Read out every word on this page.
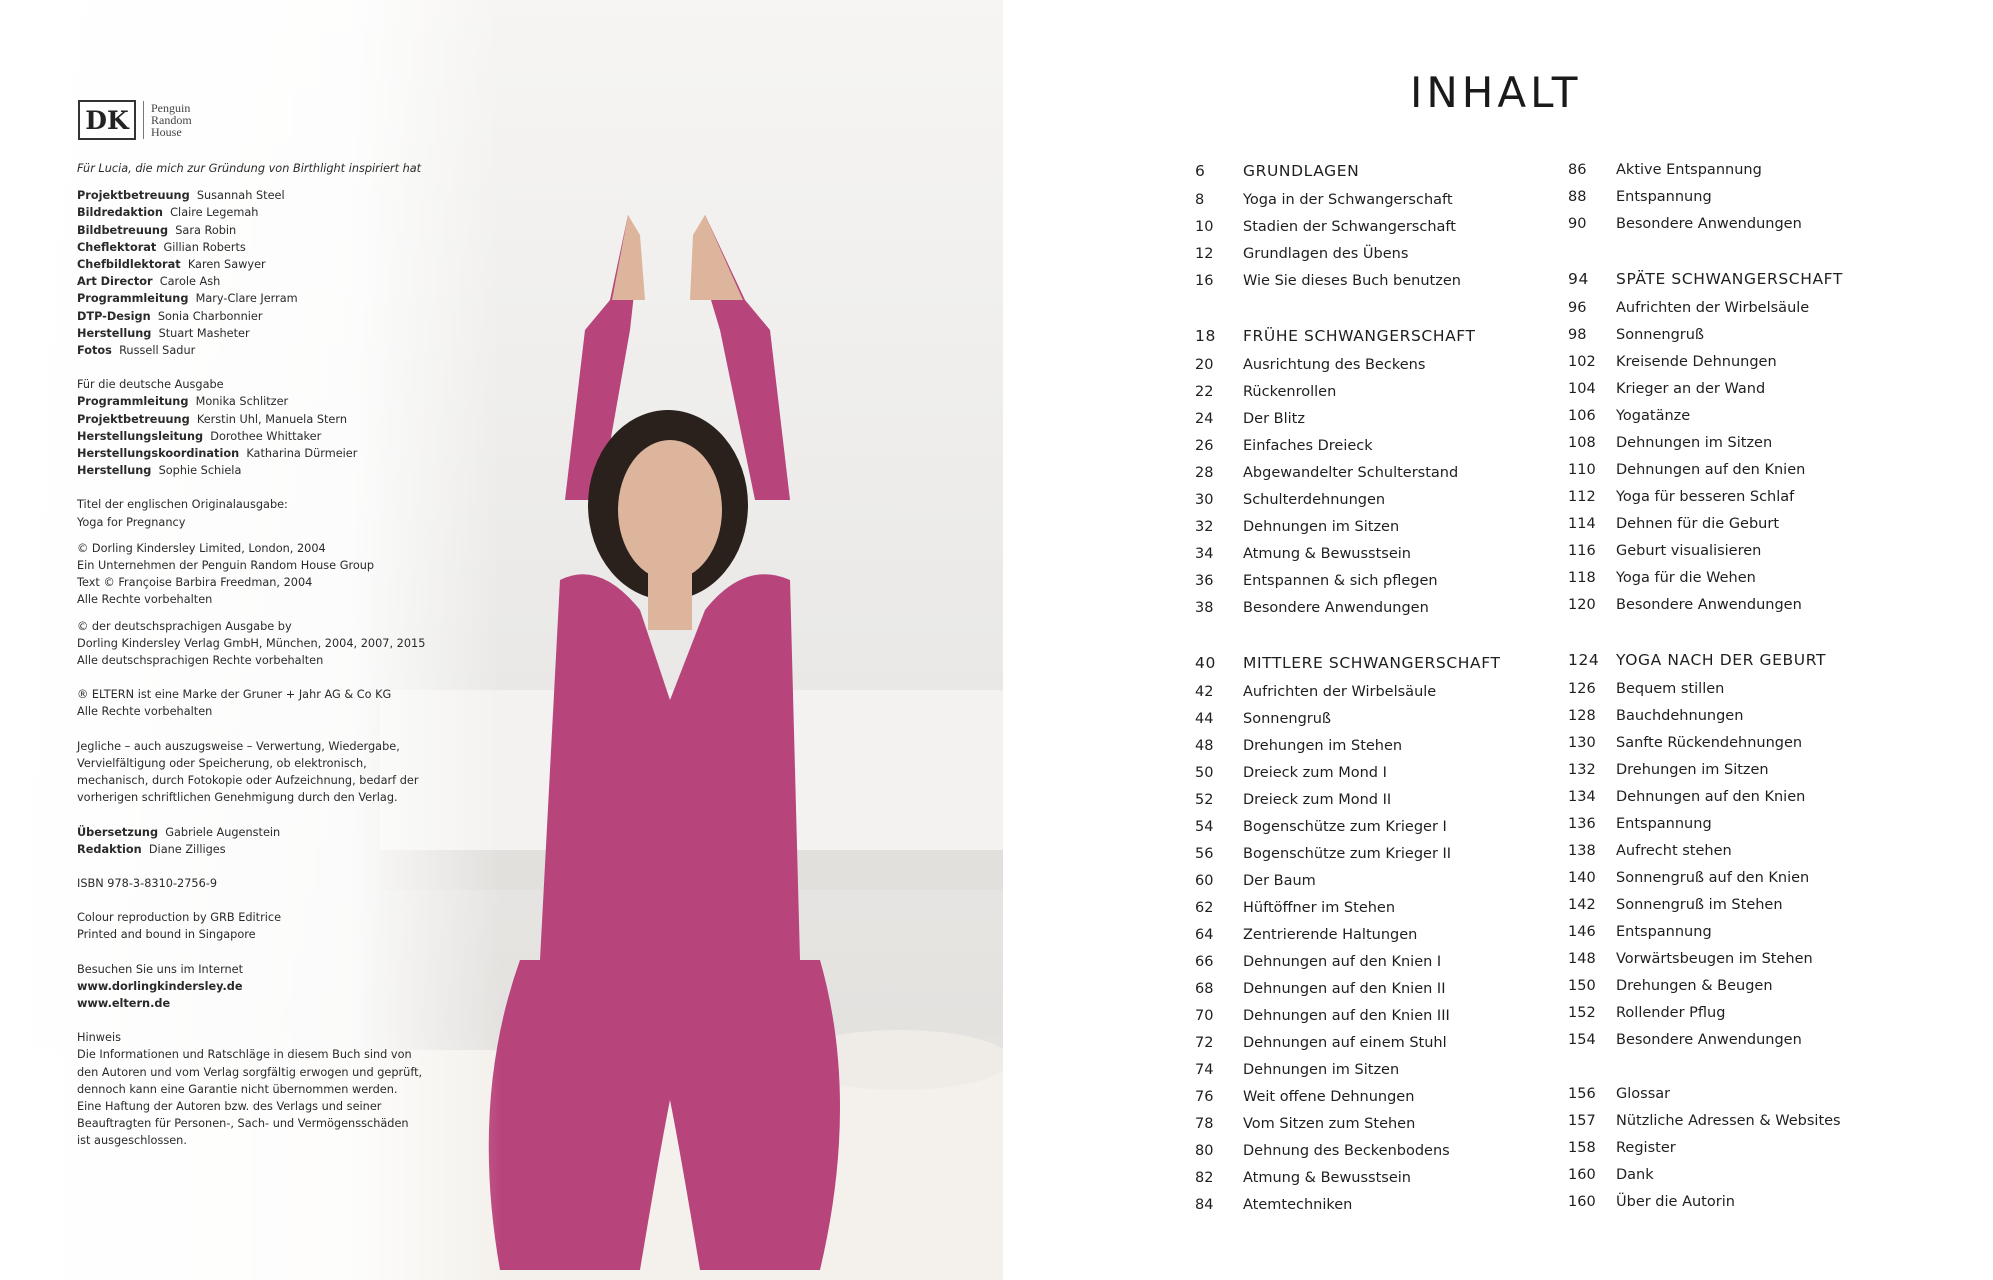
DK	Penguin
Random
House
Für Lucia, die mich zur Gründung von Birthlight inspiriert hat
Projektbetreuung Susannah Steel
Bildredaktion Claire Legemah
Bildbetreuung Sara Robin
Cheflektorat Gillian Roberts
Chefbildlektorat Karen Sawyer
Art Director Carole Ash
Programmleitung Mary-Clare Jerram
DTP-Design Sonia Charbonnier
Herstellung Stuart Masheter
Fotos Russell Sadur
Für die deutsche Ausgabe
Programmleitung Monika Schlitzer
Projektbetreuung Kerstin Uhl, Manuela Stern
Herstellungsleitung Dorothee Whittaker
Herstellungskoordination Katharina Dürmeier
Herstellung Sophie Schiela
Titel der englischen Originalausgabe:
Yoga for Pregnancy
© Dorling Kindersley Limited, London, 2004
Ein Unternehmen der Penguin Random House Group
Text © Françoise Barbira Freedman, 2004
Alle Rechte vorbehalten
© der deutschsprachigen Ausgabe by
Dorling Kindersley Verlag GmbH, München, 2004, 2007, 2015
Alle deutschsprachigen Rechte vorbehalten
® ELTERN ist eine Marke der Gruner + Jahr AG & Co KG
Alle Rechte vorbehalten
Jegliche – auch auszugsweise – Verwertung, Wiedergabe,
Vervielfältigung oder Speicherung, ob elektronisch,
mechanisch, durch Fotokopie oder Aufzeichnung, bedarf der
vorherigen schriftlichen Genehmigung durch den Verlag.
Übersetzung Gabriele Augenstein
Redaktion Diane Zilliges
ISBN 978-3-8310-2756-9
Colour reproduction by GRB Editrice
Printed and bound in Singapore
Besuchen Sie uns im Internet
www.dorlingkindersley.de
www.eltern.de
Hinweis
Die Informationen und Ratschläge in diesem Buch sind von
den Autoren und vom Verlag sorgfältig erwogen und geprüft,
dennoch kann eine Garantie nicht übernommen werden.
Eine Haftung der Autoren bzw. des Verlags und seiner
Beauftragten für Personen-, Sach- und Vermögensschäden
ist ausgeschlossen.
INHALT
6	GRUNDLAGEN
8	Yoga in der Schwangerschaft
10	Stadien der Schwangerschaft
12	Grundlagen des Übens
16	Wie Sie dieses Buch benutzen
18	FRÜHE SCHWANGERSCHAFT
20	Ausrichtung des Beckens
22	Rückenrollen
24	Der Blitz
26	Einfaches Dreieck
28	Abgewandelter Schulterstand
30	Schulterdehnungen
32	Dehnungen im Sitzen
34	Atmung & Bewusstsein
36	Entspannen & sich pflegen
38	Besondere Anwendungen
40	MITTLERE SCHWANGERSCHAFT
42	Aufrichten der Wirbelsäule
44	Sonnengruß
48	Drehungen im Stehen
50	Dreieck zum Mond I
52	Dreieck zum Mond II
54	Bogenschütze zum Krieger I
56	Bogenschütze zum Krieger II
60	Der Baum
62	Hüftöffner im Stehen
64	Zentrierende Haltungen
66	Dehnungen auf den Knien I
68	Dehnungen auf den Knien II
70	Dehnungen auf den Knien III
72	Dehnungen auf einem Stuhl
74	Dehnungen im Sitzen
76	Weit offene Dehnungen
78	Vom Sitzen zum Stehen
80	Dehnung des Beckenbodens
82	Atmung & Bewusstsein
84	Atemtechniken
86	Aktive Entspannung
88	Entspannung
90	Besondere Anwendungen
94	SPÄTE SCHWANGERSCHAFT
96	Aufrichten der Wirbelsäule
98	Sonnengruß
102	Kreisende Dehnungen
104	Krieger an der Wand
106	Yogatänze
108	Dehnungen im Sitzen
110	Dehnungen auf den Knien
112	Yoga für besseren Schlaf
114	Dehnen für die Geburt
116	Geburt visualisieren
118	Yoga für die Wehen
120	Besondere Anwendungen
124	YOGA NACH DER GEBURT
126	Bequem stillen
128	Bauchdehnungen
130	Sanfte Rückendehnungen
132	Drehungen im Sitzen
134	Dehnungen auf den Knien
136	Entspannung
138	Aufrecht stehen
140	Sonnengruß auf den Knien
142	Sonnengruß im Stehen
146	Entspannung
148	Vorwärtsbeugen im Stehen
150	Drehungen & Beugen
152	Rollender Pflug
154	Besondere Anwendungen
156	Glossar
157	Nützliche Adressen & Websites
158	Register
160	Dank
160	Über die Autorin
